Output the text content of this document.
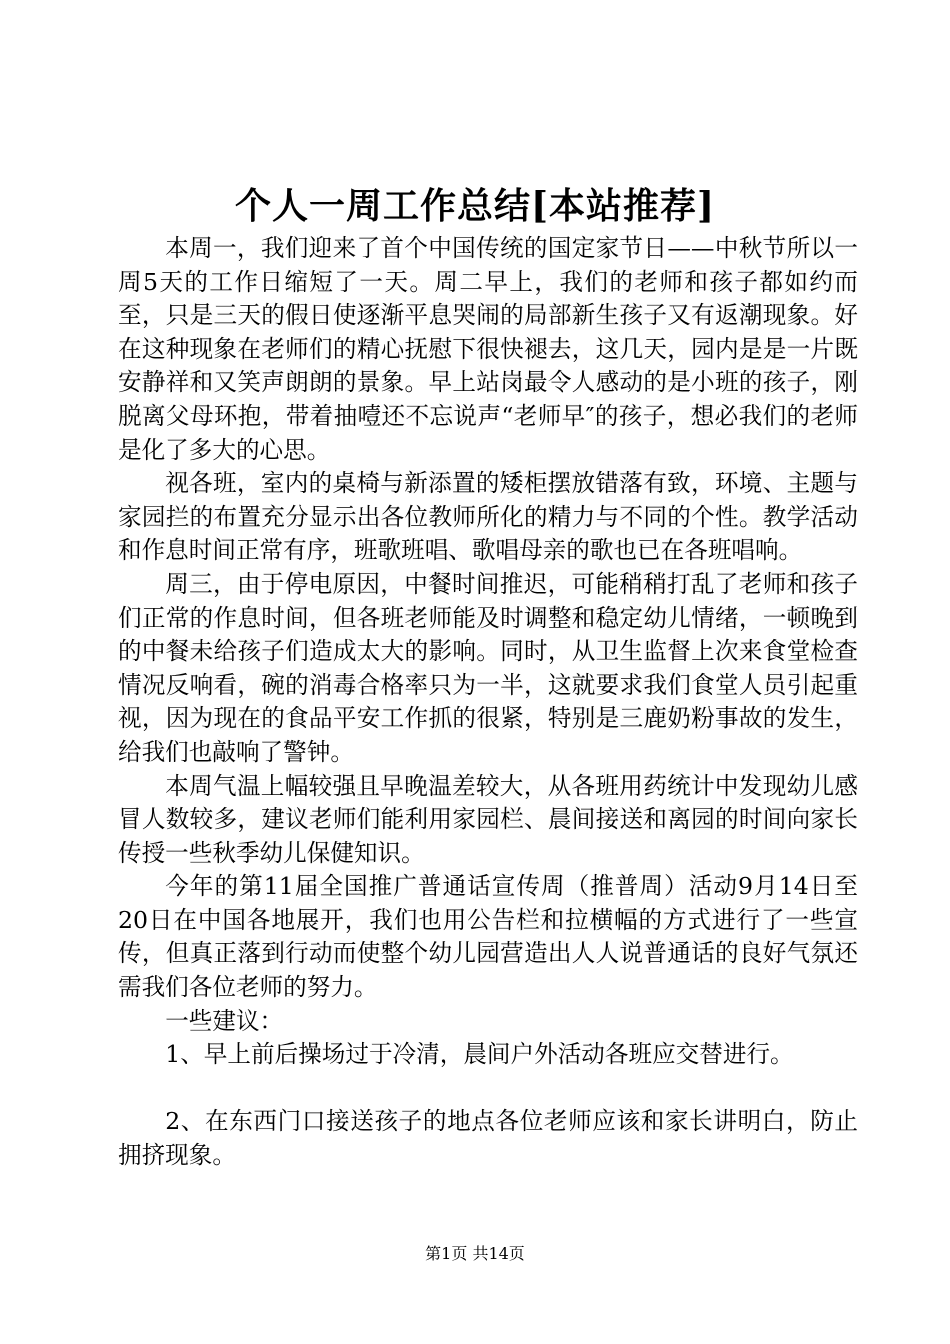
个人一周工作总结[本站推荐]

本周一，我们迎来了首个中国传统的国定家节日——中秋节所以一周5天的工作日缩短了一天。周二早上，我们的老师和孩子都如约而至，只是三天的假日使逐渐平息哭闹的局部新生孩子又有返潮现象。好在这种现象在老师们的精心抚慰下很快褪去，这几天，园内是是一片既安静祥和又笑声朗朗的景象。早上站岗最令人感动的是小班的孩子，刚脱离父母环抱，带着抽噎还不忘说声“老师早″的孩子，想必我们的老师是化了多大的心思。

视各班，室内的桌椅与新添置的矮柜摆放错落有致，环境、主题与家园拦的布置充分显示出各位教师所化的精力与不同的个性。教学活动和作息时间正常有序，班歌班唱、歌唱母亲的歌也已在各班唱响。

周三，由于停电原因，中餐时间推迟，可能稍稍打乱了老师和孩子们正常的作息时间，但各班老师能及时调整和稳定幼儿情绪，一顿晚到的中餐未给孩子们造成太大的影响。同时，从卫生监督上次来食堂检查情况反响看，碗的消毒合格率只为一半，这就要求我们食堂人员引起重视，因为现在的食品平安工作抓的很紧，特别是三鹿奶粉事故的发生，给我们也敲响了警钟。

本周气温上幅较强且早晚温差较大，从各班用药统计中发现幼儿感冒人数较多，建议老师们能利用家园栏、晨间接送和离园的时间向家长传授一些秋季幼儿保健知识。

今年的第11届全国推广普通话宣传周（推普周）活动9月14日至20日在中国各地展开，我们也用公告栏和拉横幅的方式进行了一些宣传，但真正落到行动而使整个幼儿园营造出人人说普通话的良好气氛还需我们各位老师的努力。

一些建议：

1、早上前后操场过于冷清，晨间户外活动各班应交替进行。

2、在东西门口接送孩子的地点各位老师应该和家长讲明白，防止拥挤现象。

第1页 共14页
